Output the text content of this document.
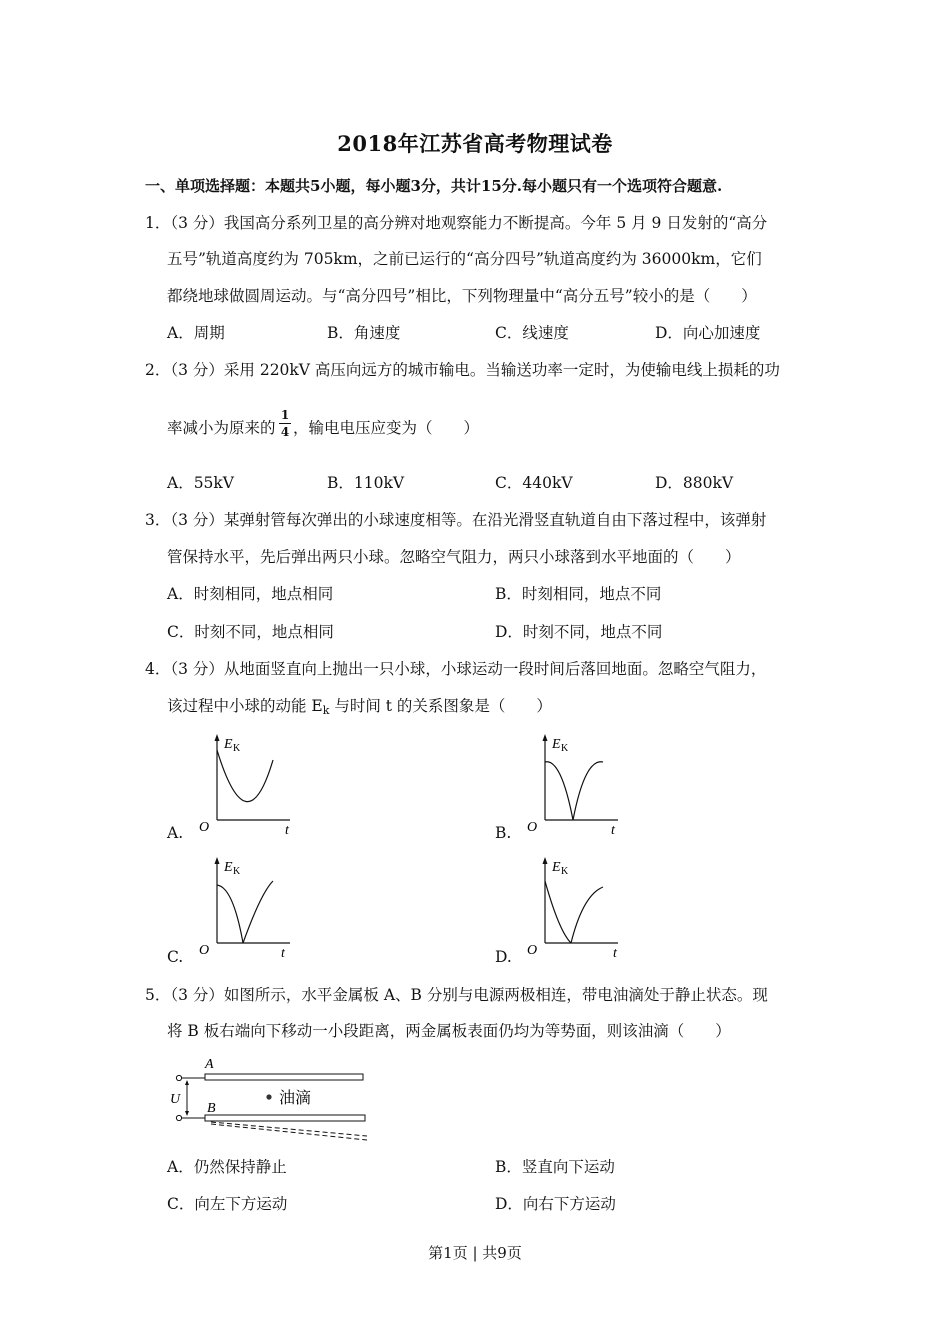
2018年江苏省高考物理试卷
一、单项选择题：本题共5小题，每小题3分，共计15分.每小题只有一个选项符合题意.
1．（3 分）我国高分系列卫星的高分辨对地观察能力不断提高。今年 5 月 9 日发射的“高分
五号”轨道高度约为 705km，之前已运行的“高分四号”轨道高度约为 36000km，它们
都绕地球做圆周运动。与“高分四号”相比，下列物理量中“高分五号”较小的是（　　）
A．周期	B．角速度	C．线速度	D．向心加速度
2．（3 分）采用 220kV 高压向远方的城市输电。当输送功率一定时，为使输电线上损耗的功
率减小为原来的
1
4 ，输电电压应变为（　　）
A．55kV	B．110kV	C．440kV	D．880kV
3．（3 分）某弹射管每次弹出的小球速度相等。在沿光滑竖直轨道自由下落过程中，该弹射
管保持水平，先后弹出两只小球。忽略空气阻力，两只小球落到水平地面的（　　）
A．时刻相同，地点相同	B．时刻相同，地点不同
C．时刻不同，地点相同	D．时刻不同，地点不同
4．（3 分）从地面竖直向上抛出一只小球，小球运动一段时间后落回地面。忽略空气阻力，
该过程中小球的动能 $E_k$ 与时间 t 的关系图象是（　　）
A.	B.
C.	D.
E K
O	t
E K
O	t
E K
O	t
E K
O	t
5．（3 分）如图所示，水平金属板 A、B 分别与电源两极相连，带电油滴处于静止状态。现
将 B 板右端向下移动一小段距离，两金属板表面仍均为等势面，则该油滴（　　）
A
B
U	油滴
A．仍然保持静止	B．竖直向下运动
C．向左下方运动	D．向右下方运动
第1页 | 共9页
